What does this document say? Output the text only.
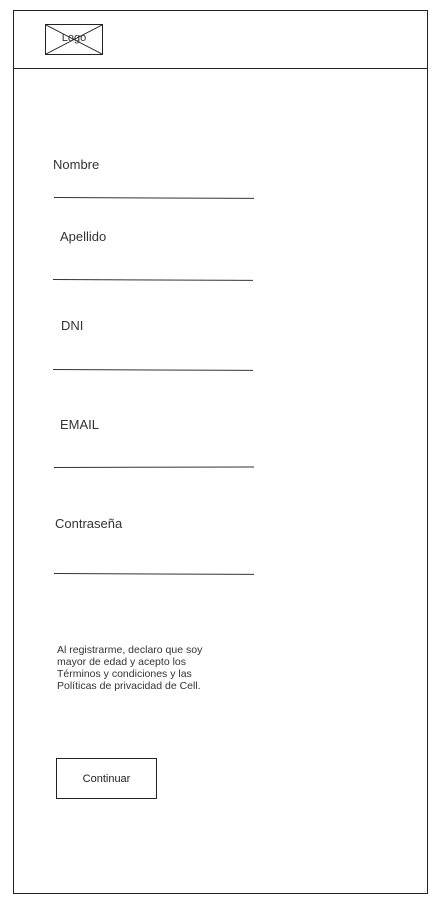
Logo
Nombre
Apellido
DNI
EMAIL
Contraseña
Al registrarme, declaro que soy mayor de edad y acepto los Términos y condiciones y las Políticas de privacidad de Cell.
Continuar
